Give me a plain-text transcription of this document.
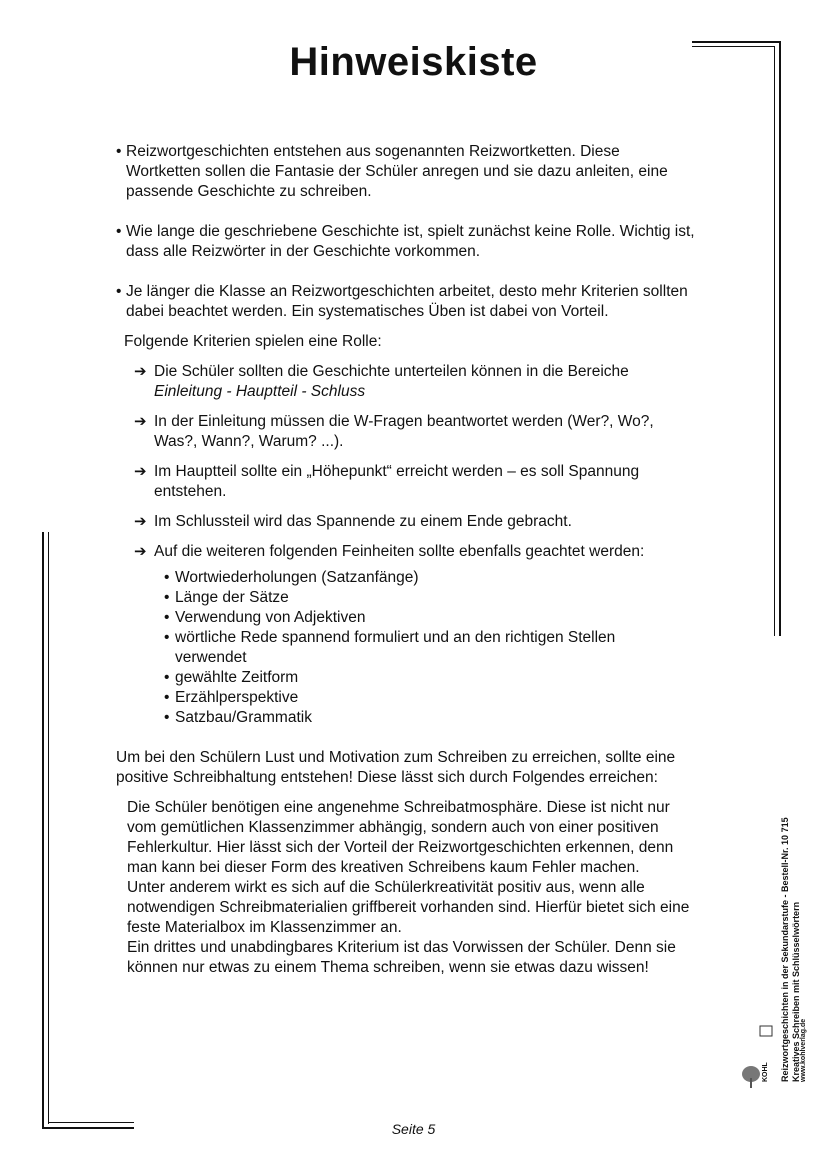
Hinweiskiste

• Reizwortgeschichten entstehen aus sogenannten Reizwortketten. Diese Wortketten sollen die Fantasie der Schüler anregen und sie dazu anleiten, eine passende Geschichte zu schreiben.

• Wie lange die geschriebene Geschichte ist, spielt zunächst keine Rolle. Wichtig ist, dass alle Reizwörter in der Geschichte vorkommen.

• Je länger die Klasse an Reizwortgeschichten arbeitet, desto mehr Kriterien sollten dabei beachtet werden. Ein systematisches Üben ist dabei von Vorteil.

Folgende Kriterien spielen eine Rolle:

➔ Die Schüler sollten die Geschichte unterteilen können in die Bereiche
Einleitung - Hauptteil - Schluss

➔ In der Einleitung müssen die W-Fragen beantwortet werden (Wer?, Wo?, Was?, Wann?, Warum? ...).

➔ Im Hauptteil sollte ein „Höhepunkt“ erreicht werden – es soll Spannung entstehen.

➔ Im Schlussteil wird das Spannende zu einem Ende gebracht.

➔ Auf die weiteren folgenden Feinheiten sollte ebenfalls geachtet werden:

• Wortwiederholungen (Satzanfänge)
• Länge der Sätze
• Verwendung von Adjektiven
• wörtliche Rede spannend formuliert und an den richtigen Stellen verwendet
• gewählte Zeitform
• Erzählperspektive
• Satzbau/Grammatik

Um bei den Schülern Lust und Motivation zum Schreiben zu erreichen, sollte eine positive Schreibhaltung entstehen! Diese lässt sich durch Folgendes erreichen:

Die Schüler benötigen eine angenehme Schreibatmosphäre. Diese ist nicht nur vom gemütlichen Klassenzimmer abhängig, sondern auch von einer positiven Fehlerkultur. Hier lässt sich der Vorteil der Reizwortgeschichten erkennen, denn man kann bei dieser Form des kreativen Schreibens kaum Fehler machen.

Unter anderem wirkt es sich auf die Schülerkreativität positiv aus, wenn alle notwendigen Schreibmaterialien griffbereit vorhanden sind. Hierfür bietet sich eine feste Materialbox im Klassenzimmer an.

Ein drittes und unabdingbares Kriterium ist das Vorwissen der Schüler. Denn sie können nur etwas zu einem Thema schreiben, wenn sie etwas dazu wissen!	Reizwortgeschichten in der Sekundarstufe - Bestell-Nr. 10 715 Kreatives Schreiben mit Schlüsselwörtern www.kohlverlag.de
KOHL
Seite 5
